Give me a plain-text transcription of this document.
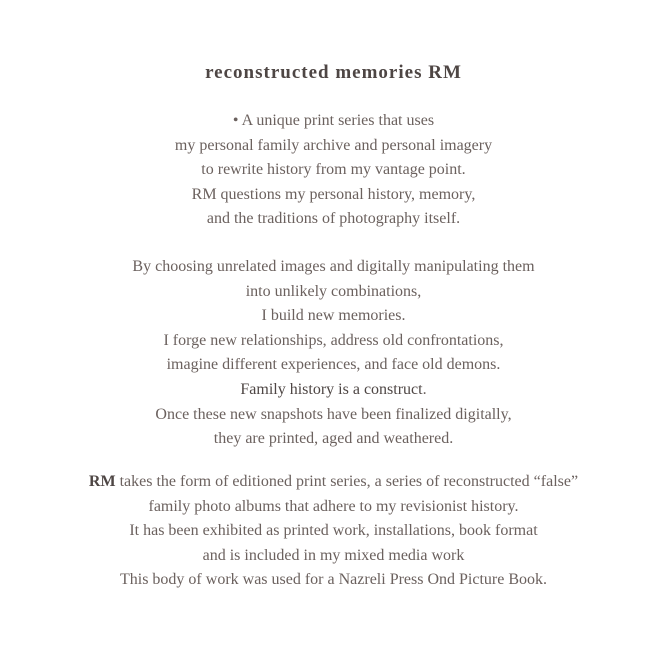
reconstructed memories RM
• A unique print series that uses
my personal family archive and personal imagery
to rewrite history from my vantage point.
RM questions my personal history, memory,
and the traditions of photography itself.
By choosing unrelated images and digitally manipulating them
into unlikely combinations,
I build new memories.
I forge new relationships, address old confrontations,
imagine different experiences, and face old demons.
Family history is a construct.
Once these new snapshots have been finalized digitally,
they are printed, aged and weathered.
RM takes the form of editioned print series, a series of reconstructed “false”
family photo albums that adhere to my revisionist history.
It has been exhibited as printed work, installations, book format
and is included in my mixed media work
This body of work was used for a Nazreli Press Ond Picture Book.
